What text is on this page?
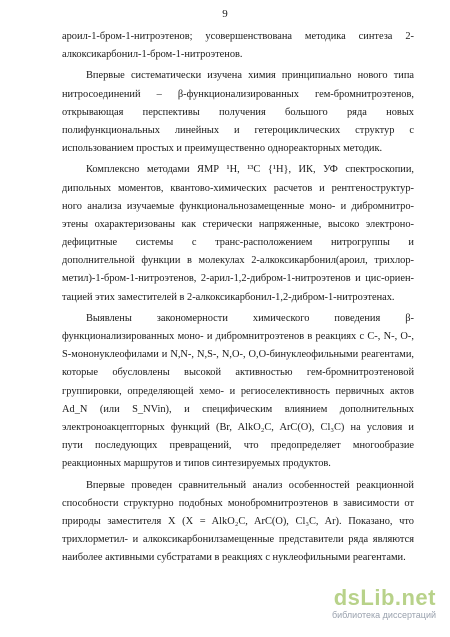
9
ароил-1-бром-1-нитроэтенов; усовершенствована методика синтеза 2-
алкоксикарбонил-1-бром-1-нитроэтенов.
Впервые систематически изучена химия принципиально нового типа
нитросоединений – β-функционализированных гем-бромнитроэтенов,
открывающая перспективы получения большого ряда новых
полифункциональных линейных и гетероциклических структур с
использованием простых и преимущественно однореакторных методик.
Комплексно методами ЯМР ¹H, ¹³C {¹H}, ИК, УФ спектроскопии,
дипольных моментов, квантово-химических расчетов и рентгеноструктур-
ного анализа изучаемые функциональнозамещенные моно- и дибромнитро-
этены охарактеризованы как стерически напряженные, высоко электроно-
дефицитные системы с транс-расположением нитрогруппы и
дополнительной функции в молекулах 2-алкоксикарбонил(ароил, трихлор-
метил)-1-бром-1-нитроэтенов, 2-арил-1,2-дибром-1-нитроэтенов и цис-ориен-
тацией этих заместителей в 2-алкоксикарбонил-1,2-дибром-1-нитроэтенах.
Выявлены закономерности химического поведения β-
функционализированных моно- и дибромнитроэтенов в реакциях с C-, N-, O-,
S-мононуклеофилами и N,N-, N,S-, N,O-, O,O-бинуклеофильными реагентами,
которые обусловлены высокой активностью гем-бромнитроэтеновой
группировки, определяющей хемо- и региоселективность первичных актов
Ad_N (или S_NVin), и специфическим влиянием дополнительных
электроноакцепторных функций (Br, AlkO₂C, ArC(O), Cl₃C) на условия и
пути последующих превращений, что предопределяет многообразие
реакционных маршрутов и типов синтезируемых продуктов.
Впервые проведен сравнительный анализ особенностей реакционной
способности структурно подобных монобромнитроэтенов в зависимости от
природы заместителя X (X = AlkO₂C, ArC(O), Cl₃C, Ar). Показано, что
трихлорметил- и алкоксикарбонилзамещенные представители ряда являются
наиболее активными субстратами в реакциях с нуклеофильными реагентами.
dsLib.net
библиотека диссертаций
